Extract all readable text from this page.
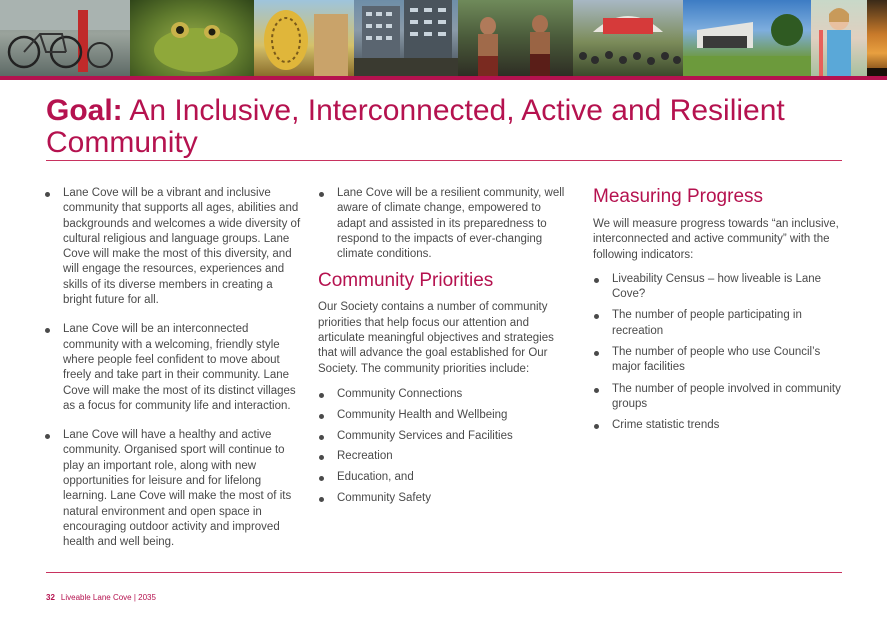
Goal: An Inclusive, Interconnected, Active and Resilient Community
Lane Cove will be a vibrant and inclusive community that supports all ages, abilities and backgrounds and welcomes a wide diversity of cultural religious and language groups. Lane Cove will make the most of this diversity, and will engage the resources, experiences and skills of its diverse members in creating a bright future for all.
Lane Cove will be an interconnected community with a welcoming, friendly style where people feel confident to move about freely and take part in their community. Lane Cove will make the most of its distinct villages as a focus for community life and interaction.
Lane Cove will have a healthy and active community. Organised sport will continue to play an important role, along with new opportunities for leisure and for lifelong learning. Lane Cove will make the most of its natural environment and open space in encouraging outdoor activity and improved health and well being.
Lane Cove will be a resilient community, well aware of climate change, empowered to adapt and assisted in its preparedness to respond to the impacts of ever-changing climate conditions.
Community Priorities

Our Society contains a number of community priorities that help focus our attention and articulate meaningful objectives and strategies that will advance the goal established for Our Society. The community priorities include:

Community Connections
Community Health and Wellbeing
Community Services and Facilities
Recreation
Education, and
Community Safety
Measuring Progress

We will measure progress towards “an inclusive, interconnected and active community” with the following indicators:

Liveability Census – how liveable is Lane Cove?
The number of people participating in recreation
The number of people who use Council’s major facilities
The number of people involved in community groups
Crime statistic trends
32 Liveable Lane Cove | 2035
